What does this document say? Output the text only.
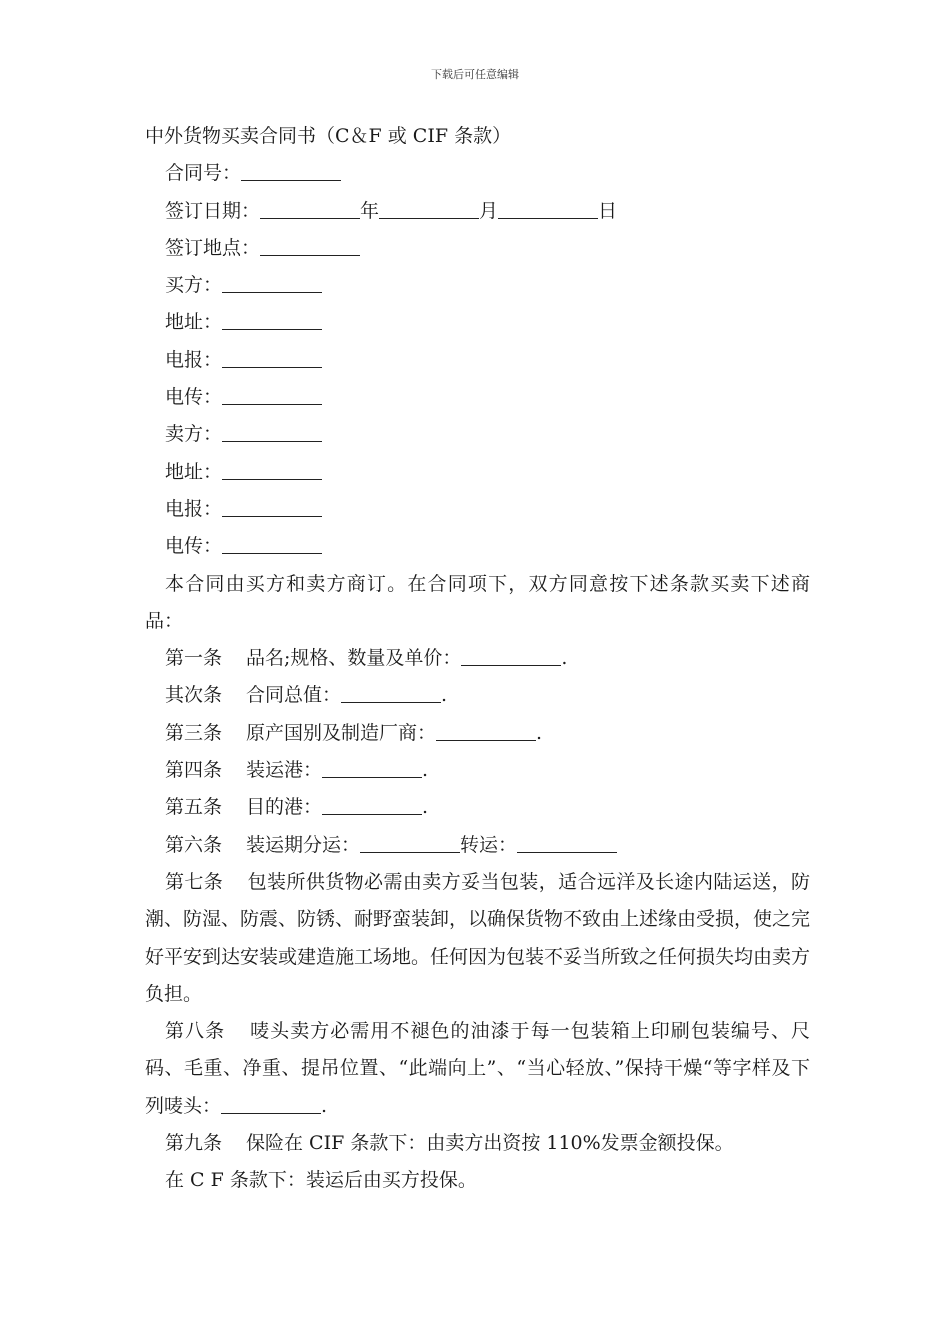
下载后可任意编辑
中外货物买卖合同书（C＆F 或 CIF 条款）
合同号：
签订日期：	年	月	日
签订地点：
买方：
地址：
电报：
电传：
卖方：
地址：
电报：
电传：
本合同由买方和卖方商订。在合同项下，双方同意按下述条款买卖下述商品：
第一条 品名;规格、数量及单价：	.
其次条 合同总值：	.
第三条 原产国别及制造厂商：	.
第四条 装运港：	.
第五条 目的港：	.
第六条 装运期分运：	转运：
第七条 包装所供货物必需由卖方妥当包装，适合远洋及长途内陆运送，防潮、防湿、防震、防锈、耐野蛮装卸，以确保货物不致由上述缘由受损，使之完好平安到达安装或建造施工场地。任何因为包装不妥当所致之任何损失均由卖方负担。
第八条 唛头卖方必需用不褪色的油漆于每一包装箱上印刷包装编号、尺码、毛重、净重、提吊位置、“此端向上”、“当心轻放、”保持干燥“等字样及下列唛头：	.
第九条 保险在 CIF 条款下：由卖方出资按 110%发票金额投保。
在 C F 条款下：装运后由买方投保。
